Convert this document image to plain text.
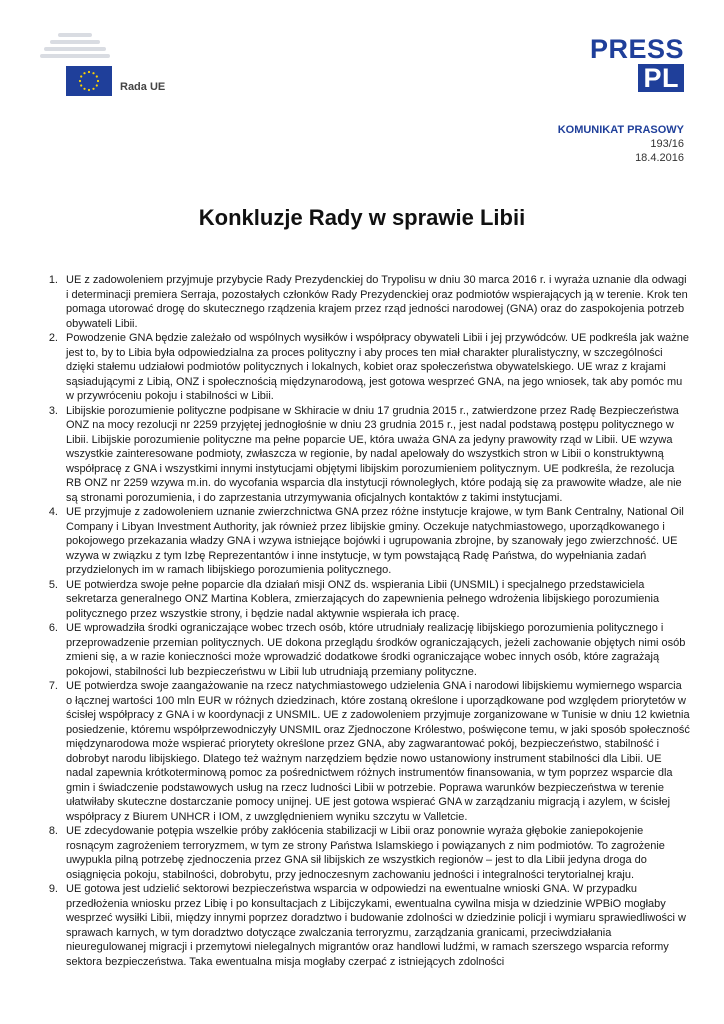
Rada UE
PRESS
PL
KOMUNIKAT PRASOWY
193/16
18.4.2016
Konkluzje Rady w sprawie Libii
1. UE z zadowoleniem przyjmuje przybycie Rady Prezydenckiej do Trypolisu w dniu 30 marca 2016 r. i wyraża uznanie dla odwagi i determinacji premiera Serraja, pozostałych członków Rady Prezydenckiej oraz podmiotów wspierających ją w terenie. Krok ten pomaga utorować drogę do skutecznego rządzenia krajem przez rząd jedności narodowej (GNA) oraz do zaspokojenia potrzeb obywateli Libii.
2. Powodzenie GNA będzie zależało od wspólnych wysiłków i współpracy obywateli Libii i jej przywódców. UE podkreśla jak ważne jest to, by to Libia była odpowiedzialna za proces polityczny i aby proces ten miał charakter pluralistyczny, w szczególności dzięki stałemu udziałowi podmiotów politycznych i lokalnych, kobiet oraz społeczeństwa obywatelskiego. UE wraz z krajami sąsiadującymi z Libią, ONZ i społecznością międzynarodową, jest gotowa wesprzeć GNA, na jego wniosek, tak aby pomóc mu w przywróceniu pokoju i stabilności w Libii.
3. Libijskie porozumienie polityczne podpisane w Skhiracie w dniu 17 grudnia 2015 r., zatwierdzone przez Radę Bezpieczeństwa ONZ na mocy rezolucji nr 2259 przyjętej jednogłośnie w dniu 23 grudnia 2015 r., jest nadal podstawą postępu politycznego w Libii. Libijskie porozumienie polityczne ma pełne poparcie UE, która uważa GNA za jedyny prawowity rząd w Libii. UE wzywa wszystkie zainteresowane podmioty, zwłaszcza w regionie, by nadal apelowały do wszystkich stron w Libii o konstruktywną współpracę z GNA i wszystkimi innymi instytucjami objętymi libijskim porozumieniem politycznym. UE podkreśla, że rezolucja RB ONZ nr 2259 wzywa m.in. do wycofania wsparcia dla instytucji równoległych, które podają się za prawowite władze, ale nie są stronami porozumienia, i do zaprzestania utrzymywania oficjalnych kontaktów z takimi instytucjami.
4. UE przyjmuje z zadowoleniem uznanie zwierzchnictwa GNA przez różne instytucje krajowe, w tym Bank Centralny, National Oil Company i Libyan Investment Authority, jak również przez libijskie gminy. Oczekuje natychmiastowego, uporządkowanego i pokojowego przekazania władzy GNA i wzywa istniejące bojówki i ugrupowania zbrojne, by szanowały jego zwierzchność. UE wzywa w związku z tym Izbę Reprezentantów i inne instytucje, w tym powstającą Radę Państwa, do wypełniania zadań przydzielonych im w ramach libijskiego porozumienia politycznego.
5. UE potwierdza swoje pełne poparcie dla działań misji ONZ ds. wspierania Libii (UNSMIL) i specjalnego przedstawiciela sekretarza generalnego ONZ Martina Koblera, zmierzających do zapewnienia pełnego wdrożenia libijskiego porozumienia politycznego przez wszystkie strony, i będzie nadal aktywnie wspierała ich pracę.
6. UE wprowadziła środki ograniczające wobec trzech osób, które utrudniały realizację libijskiego porozumienia politycznego i przeprowadzenie przemian politycznych. UE dokona przeglądu środków ograniczających, jeżeli zachowanie objętych nimi osób zmieni się, a w razie konieczności może wprowadzić dodatkowe środki ograniczające wobec innych osób, które zagrażają pokojowi, stabilności lub bezpieczeństwu w Libii lub utrudniają przemiany polityczne.
7. UE potwierdza swoje zaangażowanie na rzecz natychmiastowego udzielenia GNA i narodowi libijskiemu wymiernego wsparcia o łącznej wartości 100 mln EUR w różnych dziedzinach, które zostaną określone i uporządkowane pod względem priorytetów w ścisłej współpracy z GNA i w koordynacji z UNSMIL. UE z zadowoleniem przyjmuje zorganizowane w Tunisie w dniu 12 kwietnia posiedzenie, któremu współprzewodniczyły UNSMIL oraz Zjednoczone Królestwo, poświęcone temu, w jaki sposób społeczność międzynarodowa może wspierać priorytety określone przez GNA, aby zagwarantować pokój, bezpieczeństwo, stabilność i dobrobyt narodu libijskiego. Dlatego też ważnym narzędziem będzie nowo ustanowiony instrument stabilności dla Libii. UE nadal zapewnia krótkoterminową pomoc za pośrednictwem różnych instrumentów finansowania, w tym poprzez wsparcie dla gmin i świadczenie podstawowych usług na rzecz ludności Libii w potrzebie. Poprawa warunków bezpieczeństwa w terenie ułatwiłaby skuteczne dostarczanie pomocy unijnej. UE jest gotowa wspierać GNA w zarządzaniu migracją i azylem, w ścisłej współpracy z Biurem UNHCR i IOM, z uwzględnieniem wyniku szczytu w Valletcie.
8. UE zdecydowanie potępia wszelkie próby zakłócenia stabilizacji w Libii oraz ponownie wyraża głębokie zaniepokojenie rosnącym zagrożeniem terroryzmem, w tym ze strony Państwa Islamskiego i powiązanych z nim podmiotów. To zagrożenie uwypukla pilną potrzebę zjednoczenia przez GNA sił libijskich ze wszystkich regionów – jest to dla Libii jedyna droga do osiągnięcia pokoju, stabilności, dobrobytu, przy jednoczesnym zachowaniu jedności i integralności terytorialnej kraju.
9. UE gotowa jest udzielić sektorowi bezpieczeństwa wsparcia w odpowiedzi na ewentualne wnioski GNA. W przypadku przedłożenia wniosku przez Libię i po konsultacjach z Libijczykami, ewentualna cywilna misja w dziedzinie WPBiO mogłaby wesprzeć wysiłki Libii, między innymi poprzez doradztwo i budowanie zdolności w dziedzinie policji i wymiaru sprawiedliwości w sprawach karnych, w tym doradztwo dotyczące zwalczania terroryzmu, zarządzania granicami, przeciwdziałania nieuregulowanej migracji i przemytowi nielegalnych migrantów oraz handlowi ludźmi, w ramach szerszego wsparcia reformy sektora bezpieczeństwa. Taka ewentualna misja mogłaby czerpać z istniejących zdolności
